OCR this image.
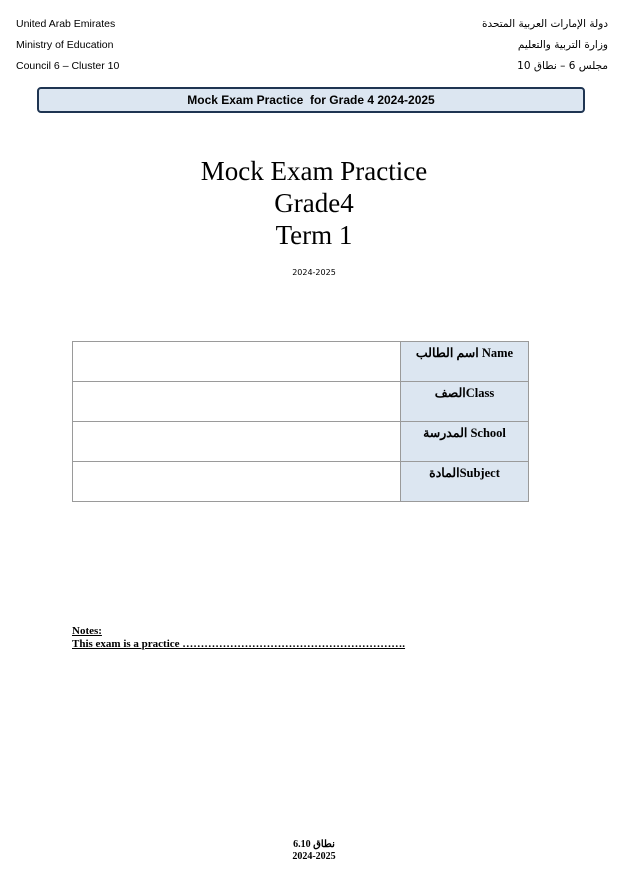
United Arab Emirates
Ministry of Education
Council 6 – Cluster 10
دولة الإمارات العربية المتحدة
وزارة التربية والتعليم
مجلس 6 – نطاق 10
Mock Exam Practice  for Grade 4 2024-2025
Mock Exam Practice
Grade4
Term 1
2024-2025
	اسم الطالب Name
	الصفClass
	المدرسة School
	المادةSubject
Notes:
This exam is a practice …………………………………………………….
نطاق 6.10
2024-2025
